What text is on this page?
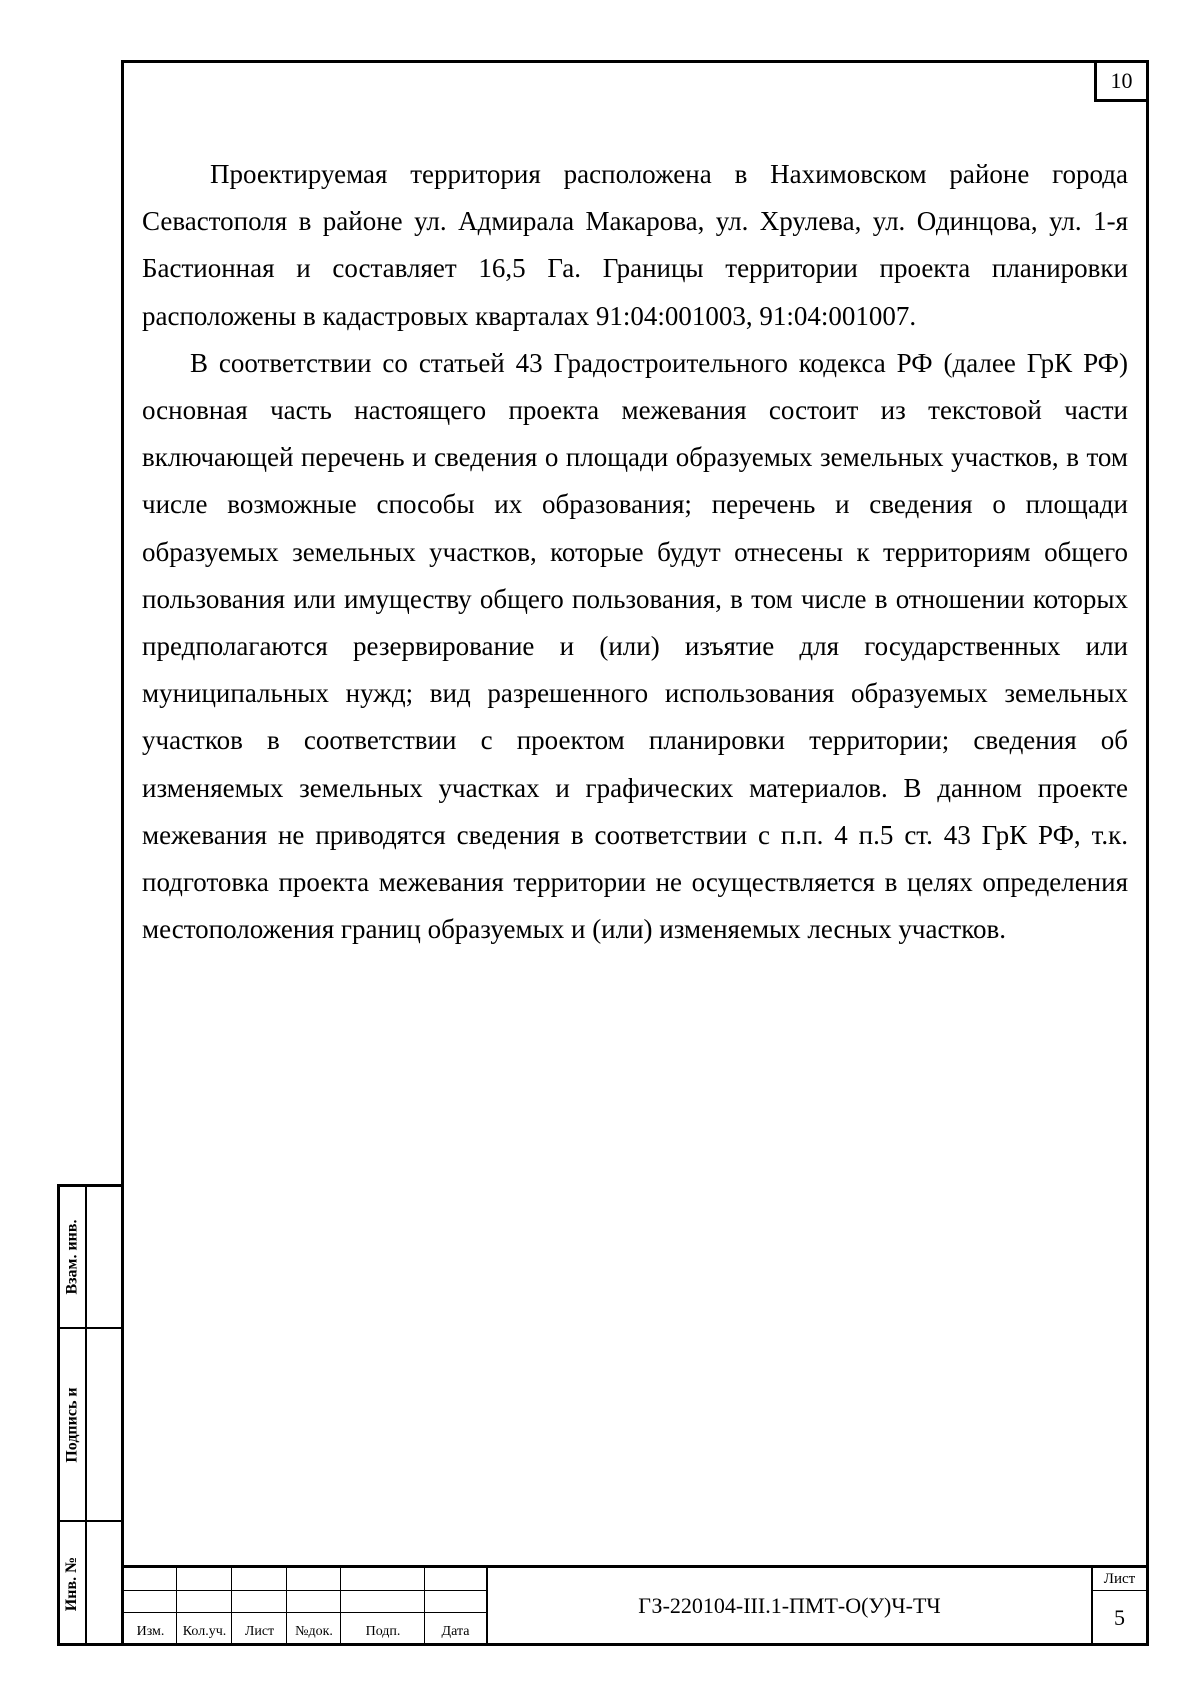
Взам. инв.
Подпись и
Инв. №
10

Проектируемая территория расположена в Нахимовском районе города Севастополя в районе ул. Адмирала Макарова, ул. Хрулева, ул. Одинцова, ул. 1-я Бастионная и составляет 16,5 Га. Границы территории проекта планировки расположены в кадастровых кварталах 91:04:001003, 91:04:001007.

В соответствии со статьей 43 Градостроительного кодекса РФ (далее ГрК РФ) основная часть настоящего проекта межевания состоит из текстовой части включающей перечень и сведения о площади образуемых земельных участков, в том числе возможные способы их образования; перечень и сведения о площади образуемых земельных участков, которые будут отнесены к территориям общего пользования или имуществу общего пользования, в том числе в отношении которых предполагаются резервирование и (или) изъятие для государственных или муниципальных нужд; вид разрешенного использования образуемых земельных участков в соответствии с проектом планировки территории; сведения об изменяемых земельных участках и графических материалов. В данном проекте межевания не приводятся сведения в соответствии с п.п. 4 п.5 ст. 43 ГрК РФ, т.к. подготовка проекта межевания территории не осуществляется в целях определения местоположения границ образуемых и (или) изменяемых лесных участков.

Изм.	Кол.уч.	Лист	№док.	Подп.	Дата
ГЗ-220104-III.1-ПМТ-О(У)Ч-ТЧ
Лист
5
